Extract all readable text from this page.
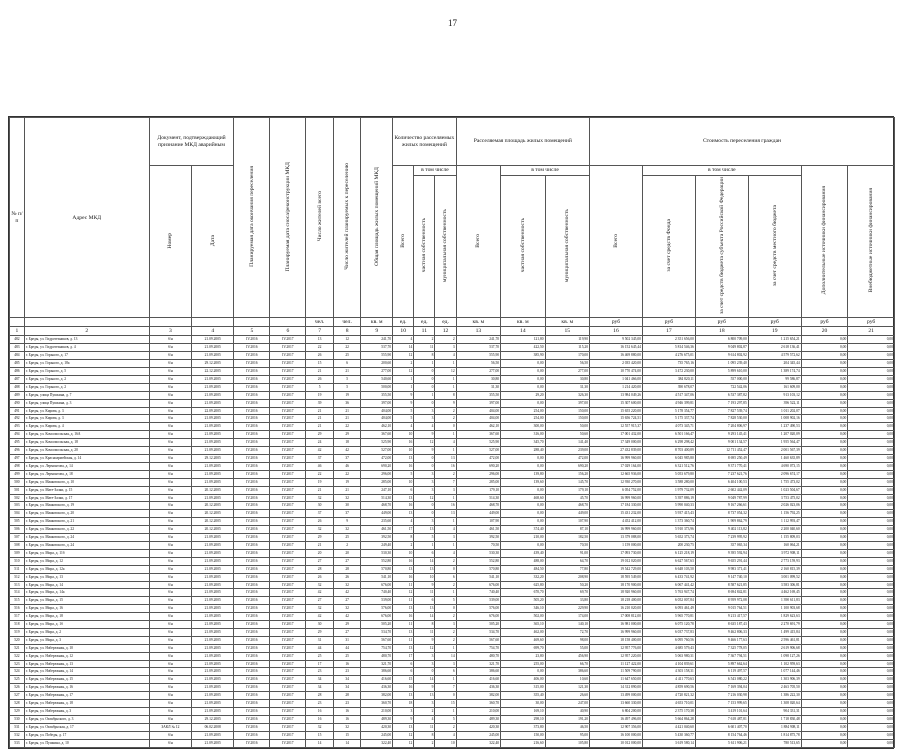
17
№ п/п	Адрес МКД	Документ, подтверждающий признание МКД аварийным		Планируемая дата окончания переселения	Планируемая дата сноса/реконструкции МКД	Число жителей всего	Число жителей планируемых к переселению	Общая площадь жилых помещений МКД	Количество расселяемых жилых помещений			Расселяемая площадь жилых помещений			Стоимость переселения граждан					
		Номер	Дата						Всего	в том числе		Всего	в том числе		Всего	в том числе			Дополнительные источники финансирования	Внебюджетные источники финансирования
										частная собственность	муниципальная собственность		частная собственность	муниципальная собственность		за счет средств Фонда	за счет средств бюджета субъекта Российской Федерации	за счет средств местного бюджета		
						чел.	чел.	кв. м	ед.	ед.	ед.	кв. м	кв. м	кв. м	руб	руб	руб	руб	руб	руб
1	2	3	4	5	6	7	8	9	10	11	12	13	14	15	16	17	18	19	20	21
482	г. Бреды, ул. Гидротехников, д. 13	б/н	21.09.2005	IV.2016	IV.2017	13	12	241,70	4	2	2	241,70	121,80	119,90	9 502 345,00	2 351 656,00	6 800 709,00	1 215 654,21	0,00	0,00
483	г. Бреды, ул. Гидротехников, д. 4	б/н	21.09.2005	IV.2016	IV.2017	22	22	537,70	14	11	3	537,70	422,50	115,20	16 152 645,44	5 814 546,36	9 049 802,87	2 618 136,41	0,00	0,00
484	г. Бреды, ул. Горького, д. 17	б/н	21.09.2005	IV.2016	IV.2017	26	25	555,90	12	8	4	555,90	385,90	170,00	16 469 880,00	4 276 675,01	9 614 802,92	4 579 572,62	0,00	0,00
485	г. Бреды, ул. Горького, д. 18а	б/н	29.12.2005	IV.2016	IV.2017	15	6	200,60	2	1	1	56,50	0,00	56,50	2 035 420,00	735 765,16	1 095 239,40	204 345,44	0,00	0,00
486	г. Бреды, ул. Горького, д. 5	б/н	22.12.2005	IV.2016	IV.2017	21	21	277,00	12	0	12	277,00	0,00	277,00	10 770 474,00	3 472 230,00	5 899 610,00	1 389 174,74	0,00	0,00
487	г. Бреды, ул. Горького, д. 2	б/н	21.09.2005	IV.2016	IV.2017	26	5	540,60	1	0	1	30,80	0,00	30,80	1 041 466,00	384 820,11	557 000,00	99 586,87	0,00	0,00
488	г. Бреды, ул. Горького, д. 2	б/н	21.09.2005	IV.2016	IV.2017	5	5	500,00	1	0	1	31,30	0,00	31,30	1 214 420,00	390 678,07	722 542,06	161 609,00	0,00	0,00
489	г. Бреды, улица Пушкина, д. 7	б/н	21.09.2005	IV.2016	IV.2017	19	19	355,50	9	1	8	355,50	29,20	326,30	13 984 049,26	4 517 347,06	6 537 387,82	913 103,12	0,00	0,00
490	г. Бреды, улица Пушкина, д. 3	б/н	21.09.2005	IV.2016	IV.2017	39	36	397,00	9	0	9	397,00	0,00	397,00	15 307 600,00	4 946 399,81	7 193 297,85	396 522,11	0,00	0,00
491	г. Бреды, ул. Кирова, д. 3	б/н	22.09.2005	IV.2016	IV.2017	21	21	404,00	5	3	2	404,00	254,00	150,00	15 655 220,00	5 178 354,77	7 827 539,74	1 011 202,07	0,00	0,00
492	г. Бреды, ул. Кирова, д. 3	б/н	21.09.2005	IV.2016	IV.2017	21	21	404,00	5	3	2	404,00	254,00	150,00	15 656 724,51	5 175 337,74	7 828 530,00	1 008 902,16	0,00	0,00
493	г. Бреды, ул. Кирова, д. 4	б/н	21.09.2005	IV.2016	IV.2017	21	22	462,10	4	4	0	462,10	300,00	50,00	12 557 915,37	4 073 345,71	7 204 806,97	1 237 490,53	0,00	0,00
494	г. Бреды, ул. Комсомольская, д. 16А	б/н	21.09.2005	IV.2016	IV.2017	29	29	367,60	10	9	1	367,60	316,00	50,60	17 001 432,00	6 501 166,47	9 293 145,41	1 207 020,09	0,00	0,00
495	г. Бреды, ул. Комсомольская, д. 18	б/н	21.09.2005	IV.2016	IV.2017	24	18	525,90	16	12	4	525,90	345,70	141,40	17 349 000,00	6 298 298,42	9 001 134,57	1 955 564,47	0,00	0,00
496	г. Бреды, ул. Комсомольская, д. 20	б/н	21.09.2005	IV.2016	IV.2017	42	42	527,00	10	9	1	527,00	288,40	239,00	27 432 839,00	8 703 400,89	12 711 452,47	2 001 567,39	0,00	0,00
497	г. Бреды, ул. Красноармейская, д. 14	б/н	29.12.2005	IV.2016	IV.2017	37	37	472,00	13	0	13	472,00	0,00	472,00	16 999 960,00	6 045 985,80	8 695 250,49	1 460 635,89	0,00	0,00
498	г. Бреды, ул. Лермонтова, д. 14	б/н	21.09.2005	IV.2016	IV.2017	46	46	690,20	16	0	16	690,20	0,00	690,20	17 029 164,00	6 321 512,76	9 371 770,41	4 690 073,15	0,00	0,00
499	г. Бреды, ул. Лермонтова, д. 18	б/н	21.09.2005	IV.2016	IV.2017	22	22	296,00	5	3	2	296,00	139,80	156,20	12 665 936,00	5 053 679,80	7 237 621,76	2 096 674,17	0,00	0,00
500	г. Бреды, ул. Маяковского, д. 10	б/н	21.09.2005	IV.2016	IV.2017	19	19	285,00	10	3	7	285,00	139,60	145,70	12 930 270,00	3 588 280,00	6 404 100,53	1 755 473,02	0,00	0,00
501	г. Бреды, ул. Мате-Залки, д. 15	б/н	20.12.2005	IV.2016	IV.2017	21	21	247,10	6	3	3	179,10	0,00	179,10	6 054 752,00	1 979 732,09	2 602 442,09	1 023 504,67	0,00	0,00
502	г. Бреды, ул. Мате-Залки, д. 17	б/н	21.09.2005	IV.2016	IV.2017	32	32	514,30	13	12	1	514,30	468,60	45,70	16 999 960,00	5 397 886,19	9 049 787,99	3 753 475,02	0,00	0,00
503	г. Бреды, ул. Маяковского, д. 19	б/н	20.12.2005	IV.2016	IV.2017	30	30	468,70	16	0	16	468,70	0,00	468,70	17 184 330,00	5 990 040,33	9 167 266,61	2 026 023,06	0,00	0,00
504	г. Бреды, ул. Маяковского, д. 20	б/н	20.12.2005	IV.2016	IV.2017	37	37	449,00	13	0	13	449,00	0,00	449,00	15 431 232,00	5 937 415,43	8 737 054,32	1 156 792,25	0,00	0,00
505	г. Бреды, ул. Маяковского, д. 21	б/н	20.12.2005	IV.2016	IV.2017	26	9	235,60	4	3	1	107,90	0,00	107,90	4 452 412,00	1 373 360,74	1 909 862,79	1 112 993,47	0,00	0,00
506	г. Бреды, ул. Маяковского, д. 22	б/н	20.12.2005	IV.2016	IV.2017	32	32	461,50	17	13	4	461,50	374,40	87,10	16 999 960,00	5 910 373,96	9 402 113,82	2 200 040,60	0,00	0,00
507	г. Бреды, ул. Маяковского, д. 24	б/н	21.09.2005	IV.2016	IV.2017	29	25	392,50	8	5	3	392,50	210,00	182,50	13 379 088,00	5 652 373,74	7 239 995,92	1 155 809,03	0,00	0,00
508	г. Бреды, ул. Маяковского, д. 24	б/н	21.09.2005	IV.2016	IV.2017	21	2	249,40	2	1	1	70,50	0,00	70,50	1 159 000,00	200 230,75	357 065,34	160 064,21	0,00	0,00
509	г. Бреды, ул. Мира, д. 11б	б/н	21.09.2005	IV.2016	IV.2017	20	20	530,30	10	6	4	530,30	439,40	91,00	17 093 730,00	6 125 218,19	9 395 592,94	3 972 908,11	0,00	0,00
510	г. Бреды, ул. Мира, д. 12	б/н	21.09.2005	IV.2016	IV.2017	27	27	552,80	16	14	2	552,80	488,00	64,70	19 012 020,00	6 627 567,63	9 655 291,44	2 773 159,93	0,00	0,00
511	г. Бреды, ул. Мира, д. 12а	б/н	21.09.2005	IV.2016	IV.2017	28	28	570,80	13	13	0	570,80	484,50	77,80	19 542 729,00	6 648 103,50	9 983 371,41	2 160 815,39	0,00	0,00
512	г. Бреды, ул. Мира, д. 13	б/н	21.09.2005	IV.2016	IV.2017	26	26	541,10	16	10	6	541,10	332,20	208,90	18 595 549,00	6 433 741,92	9 147 740,10	3 001 099,52	0,00	0,00
513	г. Бреды, ул. Мира, д. 14	б/н	21.09.2005	IV.2016	IV.2017	32	32	676,00	11	9	2	676,00	625,80	50,20	18 170 900,00	6 067 441,42	8 587 621,85	3 583 306,81	0,00	0,00
514	г. Бреды, ул. Мира, д. 14а	б/н	21.09.2005	IV.2016	IV.2017	42	42	740,40	12	11	1	740,40	670,70	69,70	18 920 960,00	5 763 947,74	8 694 842,81	4 462 169,45	0,00	0,00
515	г. Бреды, ул. Мира, д. 15	б/н	21.09.2005	IV.2016	IV.2017	27	27	539,00	11	6	5	539,00	505,20	33,80	18 218 400,00	6 052 007,84	8 959 972,08	1 390 611,83	0,00	0,00
516	г. Бреды, ул. Мира, д. 16	б/н	21.09.2005	IV.2016	IV.2017	32	32	576,00	13	13	0	576,00	346,10	229,90	16 210 020,00	6 093 461,49	9 015 764,51	1 100 903,68	0,00	0,00
517	г. Бреды, ул. Мира, д. 18	б/н	21.09.2005	IV.2016	IV.2017	42	42	676,00	16	14	2	676,00	502,00	174,00	17 008 812,00	5 965 770,81	9 213 417,57	1 829 623,63	0,00	0,00
518	г. Бреды, ул. Мира, д. 1б	б/н	21.09.2005	IV.2016	IV.2017	30	29	505,20	11	8	3	505,20	365,10	140,10	16 981 000,00	6 075 120,78	8 635 187,43	2 270 691,79	0,00	0,00
519	г. Бреды, ул. Мира, д. 2	б/н	21.09.2005	IV.2016	IV.2017	29	27	534,70	13	11	2	534,70	462,00	72,70	16 999 960,00	6 037 737,83	9 462 806,33	1 499 415,84	0,00	0,00
520	г. Бреды, ул. Мира, д. 3	б/н	21.09.2005	IV.2016	IV.2017	31	31	567,60	11	9	2	567,60	469,60	98,00	18 158 400,00	6 095 760,56	9 466 177,63	2 596 461,81	0,00	0,00
521	г. Бреды, ул. Набережная, д. 10	б/н	21.09.2005	IV.2016	IV.2017	44	44	754,70	13	12	1	754,70	699,70	55,00	12 957 776,00	4 685 579,43	7 325 778,05	2 619 906,68	0,00	0,00
522	г. Бреды, ул. Набережная, д. 12	б/н	21.09.2005	IV.2016	IV.2017	25	25	480,70	17	3	14	480,70	23,80	456,90	12 957 220,00	5 063 980,31	7 367 794,51	1 098 127,26	0,00	0,00
523	г. Бреды, ул. Набережная, д. 13	б/н	21.09.2005	IV.2016	IV.2017	17	16	321,70	6	3	3	321,70	255,00	66,70	11 127 422,00	4 104 839,61	5 897 662,64	1 102 959,63	0,00	0,00
524	г. Бреды, ул. Набережная, д. 14	б/н	21.09.2005	IV.2016	IV.2017	23	23	386,60	6	0	6	386,60	0,00	386,60	11 509 790,00	4 303 158,31	6 119 497,57	1 077 144,46	0,00	0,00
525	г. Бреды, ул. Набережная, д. 15	б/н	21.09.2005	IV.2016	IV.2017	34	34	416,60	15	14	1	416,60	406,00	10,60	11 647 650,00	4 411 770,63	6 543 080,22	1 303 906,39	0,00	0,00
526	г. Бреды, ул. Набережная, д. 16	б/н	21.09.2005	IV.2016	IV.2017	34	34	436,30	16	9	7	436,30	315,00	121,30	14 312 890,00	4 859 690,56	7 169 394,04	2 463 705,50	0,00	0,00
527	г. Бреды, ул. Набережная, д. 17	б/н	21.09.2005	IV.2016	IV.2017	28	28	382,00	13	13	0	382,00	355,40	26,60	13 499 000,00	4 720 821,32	7 216 030,98	1 386 222,30	0,00	0,00
528	г. Бреды, ул. Набережная, д. 18	б/н	21.09.2005	IV.2016	IV.2017	23	23	360,70	18	3	15	360,70	30,00	247,00	13 660 330,00	4 653 710,01	7 153 999,65	1 308 020,64	0,00	0,00
529	г. Бреды, ул. Набережная, д. 3	б/н	21.09.2005	IV.2016	IV.2017	16	16	210,00	3	2	1	210,00	169,10	40,90	6 804 200,00	2 375 170,38	3 419 101,64	904 331,31	0,00	0,00
530	г. Бреды, ул. Октябрьского, д. 3	б/н	29.12.2005	IV.2016	IV.2017	16	16	489,30	9	4	5	489,30	298,10	191,20	16 497 496,00	5 664 864,28	7 618 487,81	1 718 830,48	0,00	0,00
531	г. Бреды, ул. Октябрьская, д. 17	ЗАКЛ № 12	06.02.2008	IV.2016	IV.2017	32	32	420,30	13	11	2	420,30	373,80	46,50	12 907 356,00	4 421 040,60	6 601 407,70	1 884 908,11	0,00	0,00
532	г. Бреды, ул. Победы, д. 17	б/н	21.09.2005	IV.2016	IV.2017	15	15	245,00	12	8	4	245,00	150,00	95,00	16 100 000,00	5 430 360,77	8 154 764,46	1 814 875,78	0,00	0,00
533	г. Бреды, ул. Пушкина, д. 10	б/н	21.09.2005	IV.2016	IV.2017	14	14	322,40	12	2	10	322,40	216,60	105,80	10 012 000,00	3 619 580,14	5 611 906,21	780 513,65	0,00	0,00
